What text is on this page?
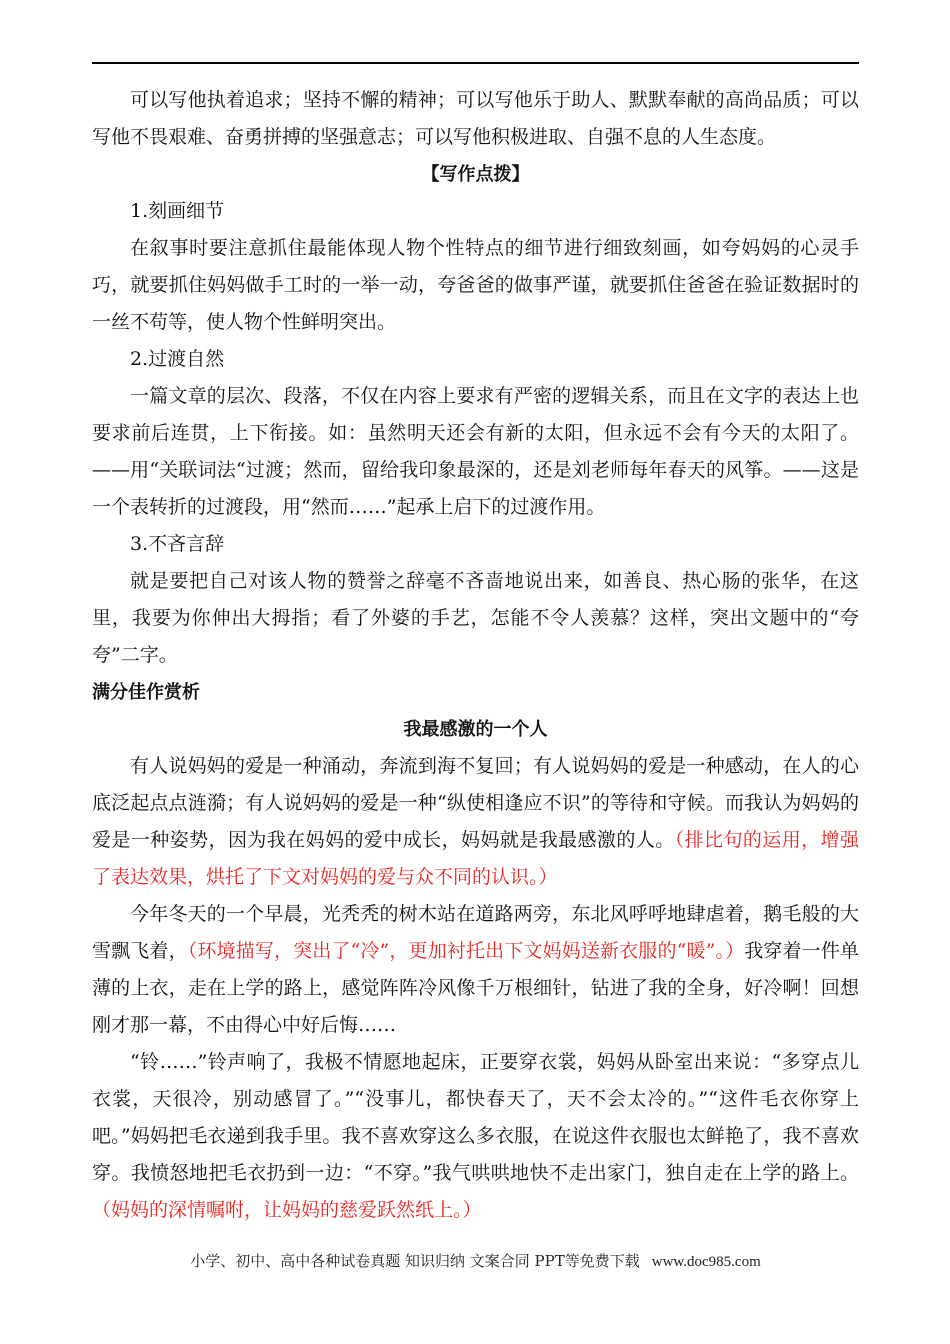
可以写他执着追求；坚持不懈的精神；可以写他乐于助人、默默奉献的高尚品质；可以写他不畏艰难、奋勇拼搏的坚强意志；可以写他积极进取、自强不息的人生态度。

【写作点拨】

1.刻画细节

在叙事时要注意抓住最能体现人物个性特点的细节进行细致刻画，如夸妈妈的心灵手巧，就要抓住妈妈做手工时的一举一动，夸爸爸的做事严谨，就要抓住爸爸在验证数据时的一丝不苟等，使人物个性鲜明突出。

2.过渡自然

一篇文章的层次、段落，不仅在内容上要求有严密的逻辑关系，而且在文字的表达上也要求前后连贯，上下衔接。如：虽然明天还会有新的太阳，但永远不会有今天的太阳了。——用“关联词法“过渡；然而，留给我印象最深的，还是刘老师每年春天的风筝。——这是一个表转折的过渡段，用“然而……”起承上启下的过渡作用。

3.不吝言辞

就是要把自己对该人物的赞誉之辞毫不吝啬地说出来，如善良、热心肠的张华，在这里，我要为你伸出大拇指；看了外婆的手艺，怎能不令人羡慕？这样，突出文题中的“夸夸”二字。

满分佳作赏析

我最感激的一个人

有人说妈妈的爱是一种涌动，奔流到海不复回；有人说妈妈的爱是一种感动，在人的心底泛起点点涟漪；有人说妈妈的爱是一种“纵使相逢应不识”的等待和守候。而我认为妈妈的爱是一种姿势，因为我在妈妈的爱中成长，妈妈就是我最感激的人。（排比句的运用，增强了表达效果，烘托了下文对妈妈的爱与众不同的认识。）

今年冬天的一个早晨，光秃秃的树木站在道路两旁，东北风呼呼地肆虐着，鹅毛般的大雪飘飞着，（环境描写，突出了“冷”，更加衬托出下文妈妈送新衣服的“暖”。）我穿着一件单薄的上衣，走在上学的路上，感觉阵阵冷风像千万根细针，钻进了我的全身，好冷啊！回想刚才那一幕，不由得心中好后悔……

“铃……”铃声响了，我极不情愿地起床，正要穿衣裳，妈妈从卧室出来说：“多穿点儿衣裳，天很冷，别动感冒了。”“没事儿，都快春天了，天不会太冷的。”“这件毛衣你穿上吧。”妈妈把毛衣递到我手里。我不喜欢穿这么多衣服，在说这件衣服也太鲜艳了，我不喜欢穿。我愤怒地把毛衣扔到一边：“不穿。”我气哄哄地快不走出家门，独自走在上学的路上。（妈妈的深情嘱咐，让妈妈的慈爱跃然纸上。）

小学、初中、高中各种试卷真题 知识归纳 文案合同 PPT等免费下载 www.doc985.com
